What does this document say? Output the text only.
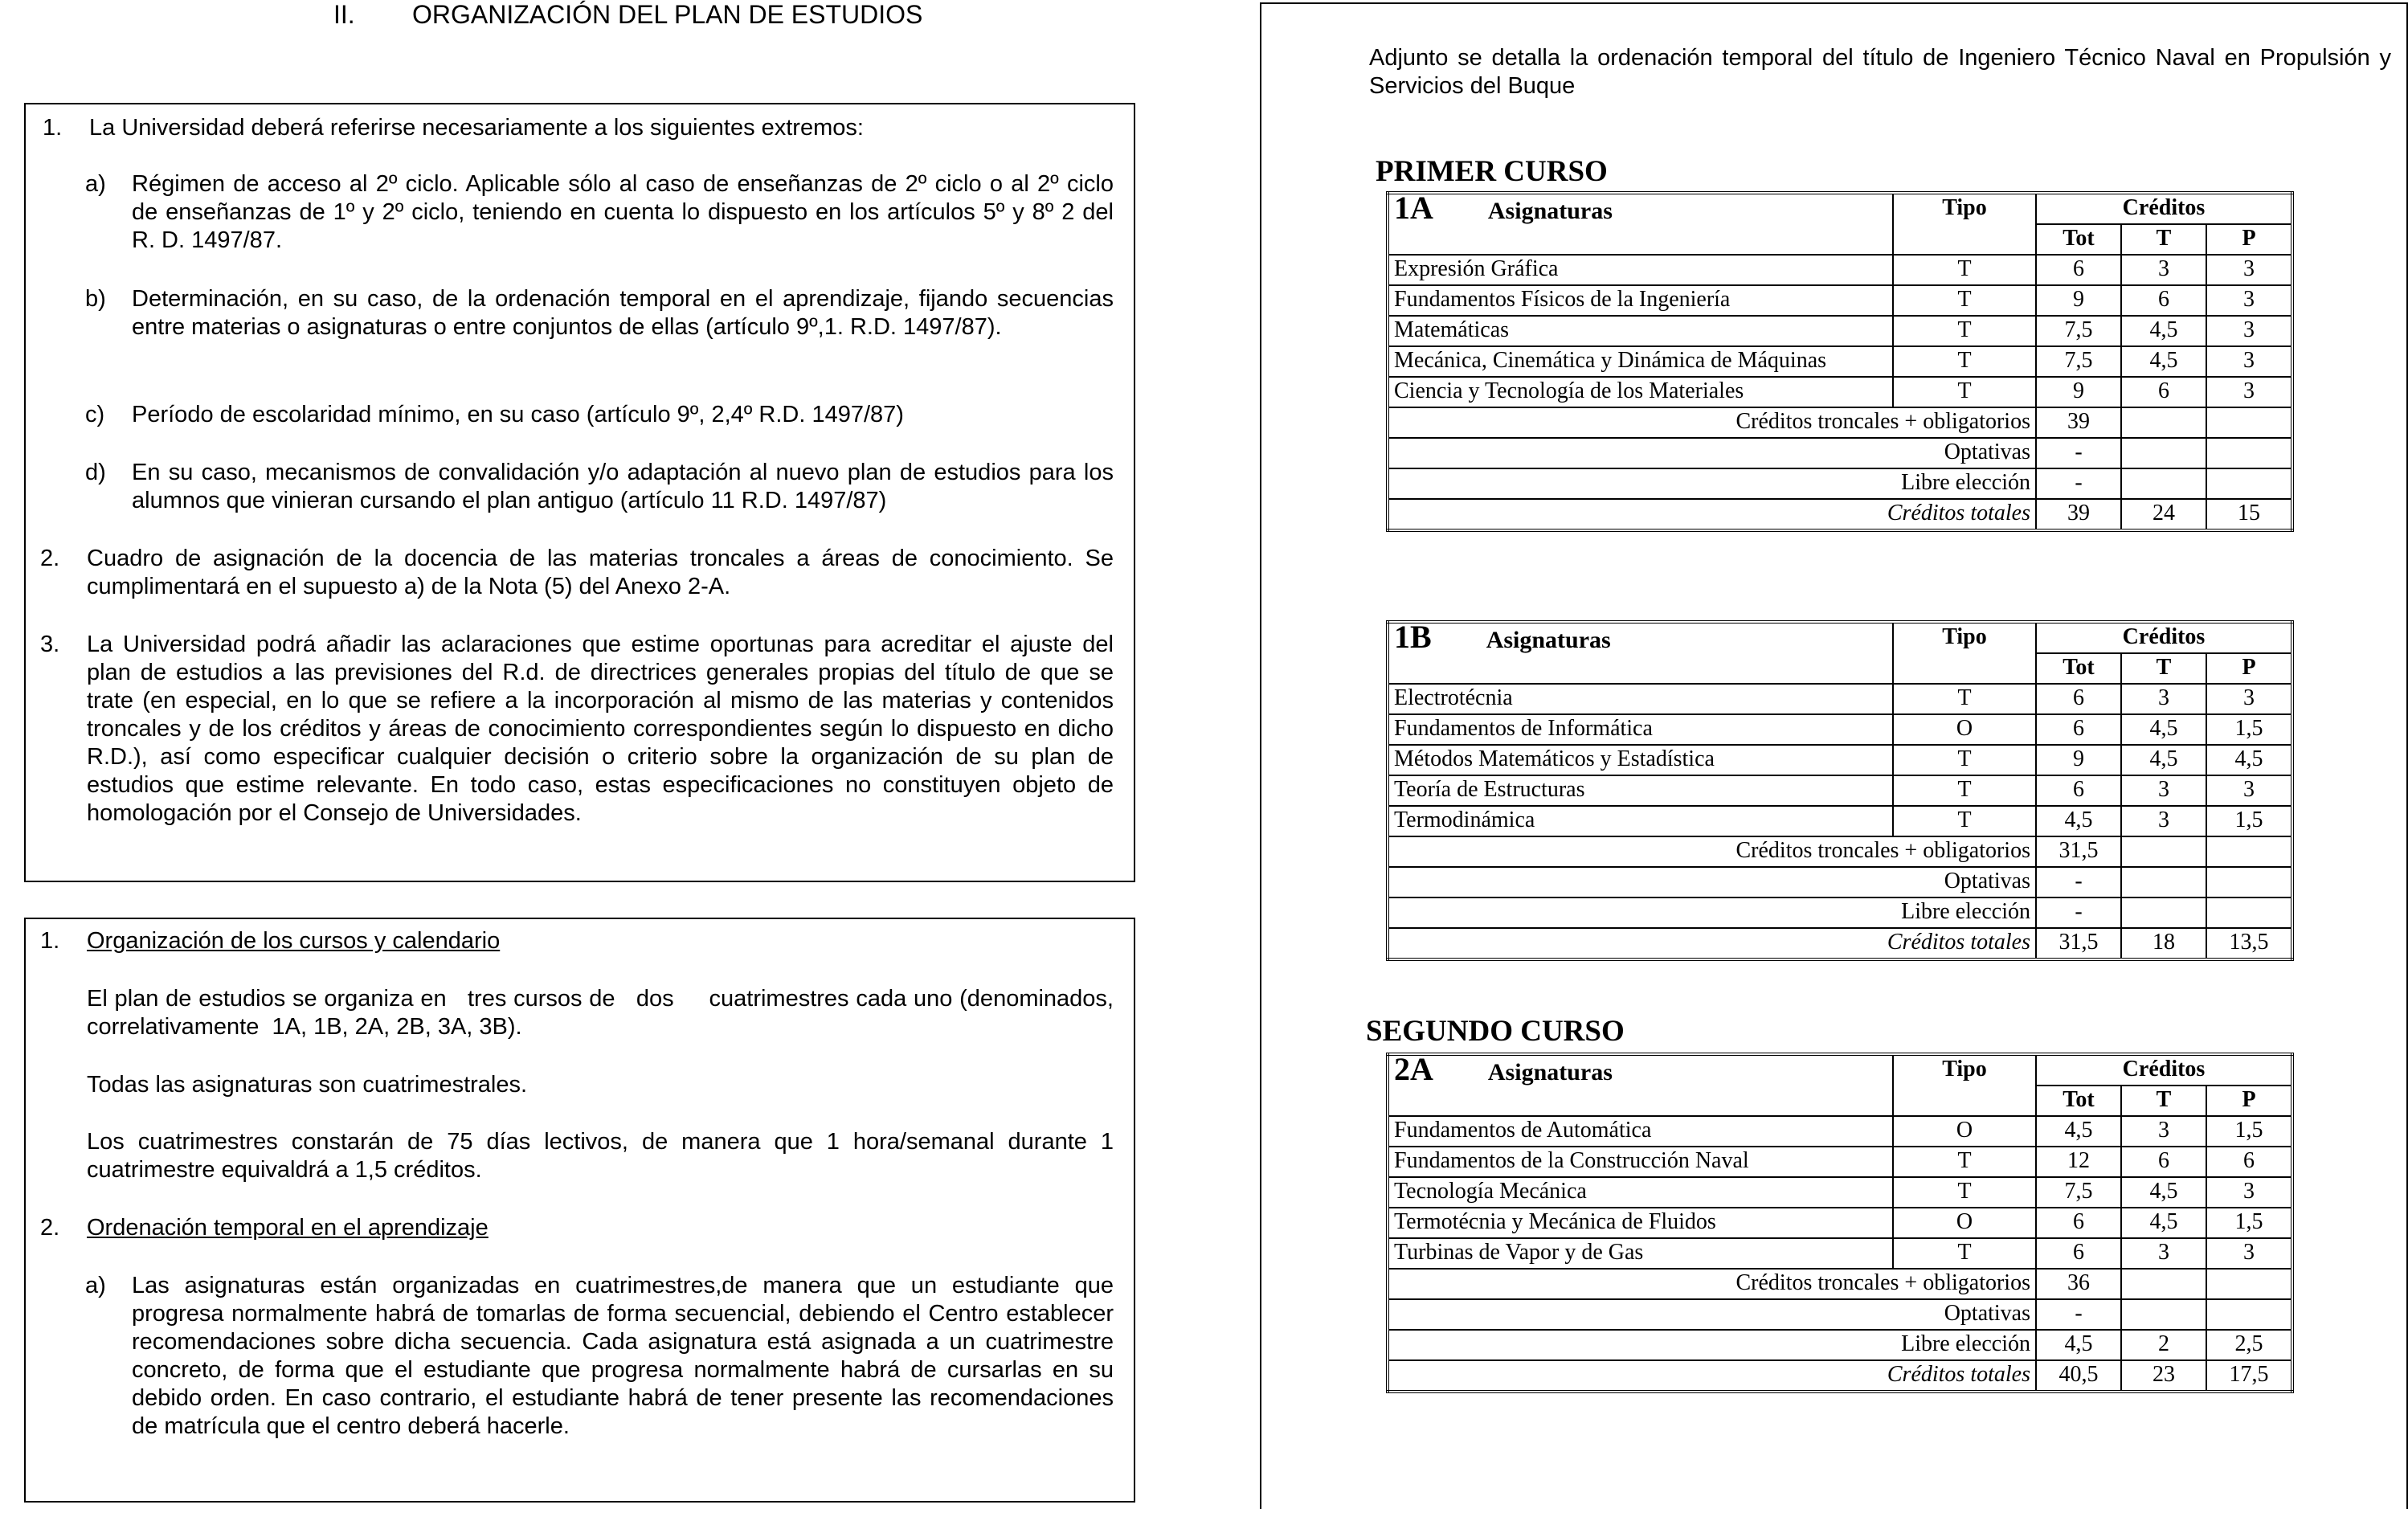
II. ORGANIZACIÓN DEL PLAN DE ESTUDIOS
1. La Universidad deberá referirse necesariamente a los siguientes extremos:
a) Régimen de acceso al 2º ciclo. Aplicable sólo al caso de enseñanzas de 2º ciclo o al 2º ciclo de enseñanzas de 1º y 2º ciclo, teniendo en cuenta lo dispuesto en los artículos 5º y 8º 2 del R. D. 1497/87.
b) Determinación, en su caso, de la ordenación temporal en el aprendizaje, fijando secuencias entre materias o asignaturas o entre conjuntos de ellas (artículo 9º,1. R.D. 1497/87).
c) Período de escolaridad mínimo, en su caso (artículo 9º, 2,4º R.D. 1497/87)
d) En su caso, mecanismos de convalidación y/o adaptación al nuevo plan de estudios para los alumnos que vinieran cursando el plan antiguo (artículo 11 R.D. 1497/87)
2. Cuadro de asignación de la docencia de las materias troncales a áreas de conocimiento. Se cumplimentará en el supuesto a) de la Nota (5) del Anexo 2-A.
3. La Universidad podrá añadir las aclaraciones que estime oportunas para acreditar el ajuste del plan de estudios a las previsiones del R.d. de directrices generales propias del título de que se trate (en especial, en lo que se refiere a la incorporación al mismo de las materias y contenidos troncales y de los créditos y áreas de conocimiento correspondientes según lo dispuesto en dicho R.D.), así como especificar cualquier decisión o criterio sobre la organización de su plan de estudios que estime relevante. En todo caso, estas especificaciones no constituyen objeto de homologación por el Consejo de Universidades.
1. Organización de los cursos y calendario
El plan de estudios se organiza en   tres cursos de   dos     cuatrimestres cada uno (denominados, correlativamente  1A, 1B, 2A, 2B, 3A, 3B).
Todas las asignaturas son cuatrimestrales.
Los cuatrimestres constarán de 75 días lectivos, de manera que 1 hora/semanal durante 1 cuatrimestre equivaldrá a 1,5 créditos.
2. Ordenación temporal en el aprendizaje
a) Las asignaturas están organizadas en cuatrimestres,de manera que un estudiante que progresa normalmente habrá de tomarlas de forma secuencial, debiendo el Centro establecer recomendaciones sobre dicha secuencia. Cada asignatura está asignada a un cuatrimestre concreto, de forma que el estudiante que progresa normalmente habrá de cursarlas en su debido orden. En caso contrario, el estudiante habrá de tener presente las recomendaciones de matrícula que el centro deberá hacerle.
Adjunto se detalla la ordenación temporal del título de Ingeniero Técnico Naval en Propulsión y Servicios del Buque
PRIMER CURSO
SEGUNDO CURSO
1A Asignaturas	Tipo	Créditos		
		Tot	T	P
Expresión Gráfica	T	6	3	3
Fundamentos Físicos de la Ingeniería	T	9	6	3
Matemáticas	T	7,5	4,5	3
Mecánica, Cinemática y Dinámica de Máquinas	T	7,5	4,5	3
Ciencia y Tecnología de los Materiales	T	9	6	3
Créditos troncales + obligatorios		39		
Optativas		-		
Libre elección		-		
Créditos totales		39	24	15
1B Asignaturas	Tipo	Créditos		
		Tot	T	P
Electrotécnia	T	6	3	3
Fundamentos de Informática	O	6	4,5	1,5
Métodos Matemáticos y Estadística	T	9	4,5	4,5
Teoría de Estructuras	T	6	3	3
Termodinámica	T	4,5	3	1,5
Créditos troncales + obligatorios		31,5		
Optativas		-		
Libre elección		-		
Créditos totales		31,5	18	13,5
2A Asignaturas	Tipo	Créditos		
		Tot	T	P
Fundamentos de Automática	O	4,5	3	1,5
Fundamentos de la Construcción Naval	T	12	6	6
Tecnología Mecánica	T	7,5	4,5	3
Termotécnia y Mecánica de Fluidos	O	6	4,5	1,5
Turbinas de Vapor y de Gas	T	6	3	3
Créditos troncales + obligatorios		36		
Optativas		-		
Libre elección		4,5	2	2,5
Créditos totales		40,5	23	17,5
